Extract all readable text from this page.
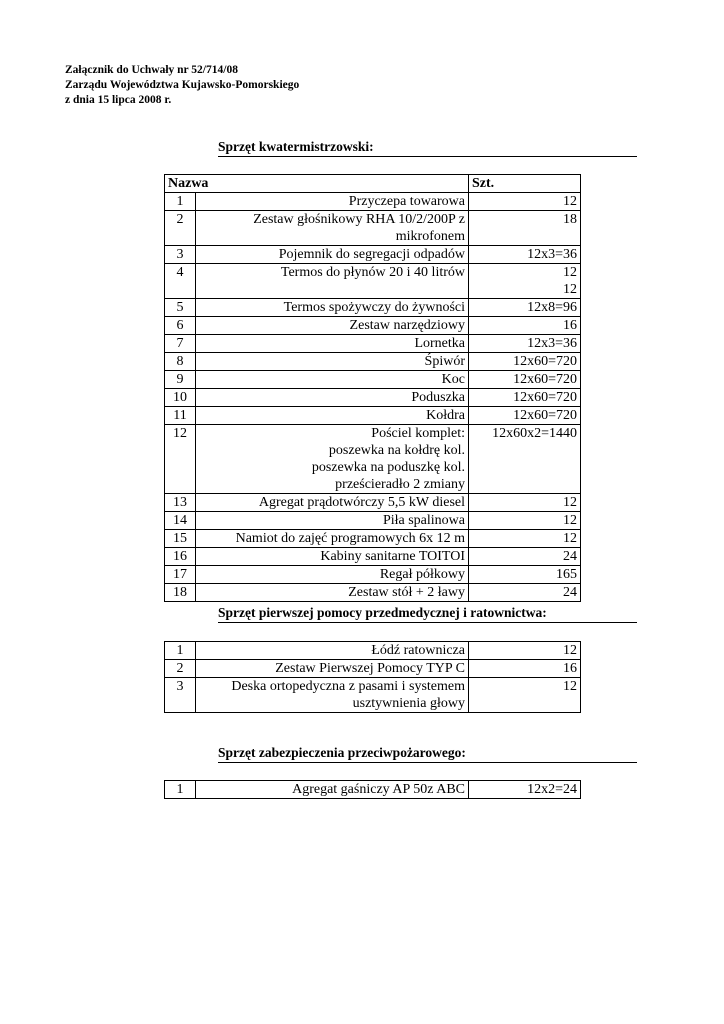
Załącznik do Uchwały nr 52/714/08
Zarządu Województwa Kujawsko-Pomorskiego
z dnia 15 lipca 2008 r.
Sprzęt kwatermistrzowski:
Nazwa		Szt.
1	Przyczepa towarowa	12

2	Zestaw głośnikowy RHA 10/2/200P z
mikrofonem	18

3	Pojemnik do segregacji odpadów	12x3=36

4	Termos do płynów 20 i 40 litrów	12
12

5	Termos spożywczy do żywności	12x8=96

6	Zestaw narzędziowy	16

7	Lornetka	12x3=36

8	Śpiwór	12x60=720

9	Koc	12x60=720

10	Poduszka	12x60=720

11	Kołdra	12x60=720

12	Pościel komplet:
poszewka na kołdrę kol.
poszewka na poduszkę kol.
prześcieradło 2 zmiany	12x60x2=1440

13	Agregat prądotwórczy 5,5 kW diesel	12

14	Piła spalinowa	12

15	Namiot do zajęć programowych 6x 12 m	12

16	Kabiny sanitarne TOITOI	24

17	Regał półkowy	165

18	Zestaw stół + 2 ławy	24
Sprzęt pierwszej pomocy przedmedycznej i ratownictwa:
1	Łódź ratownicza	12

2	Zestaw Pierwszej Pomocy TYP C	16

3	Deska ortopedyczna z pasami i systemem
usztywnienia głowy	12
Sprzęt zabezpieczenia przeciwpożarowego:
1	Agregat gaśniczy AP 50z ABC	12x2=24
